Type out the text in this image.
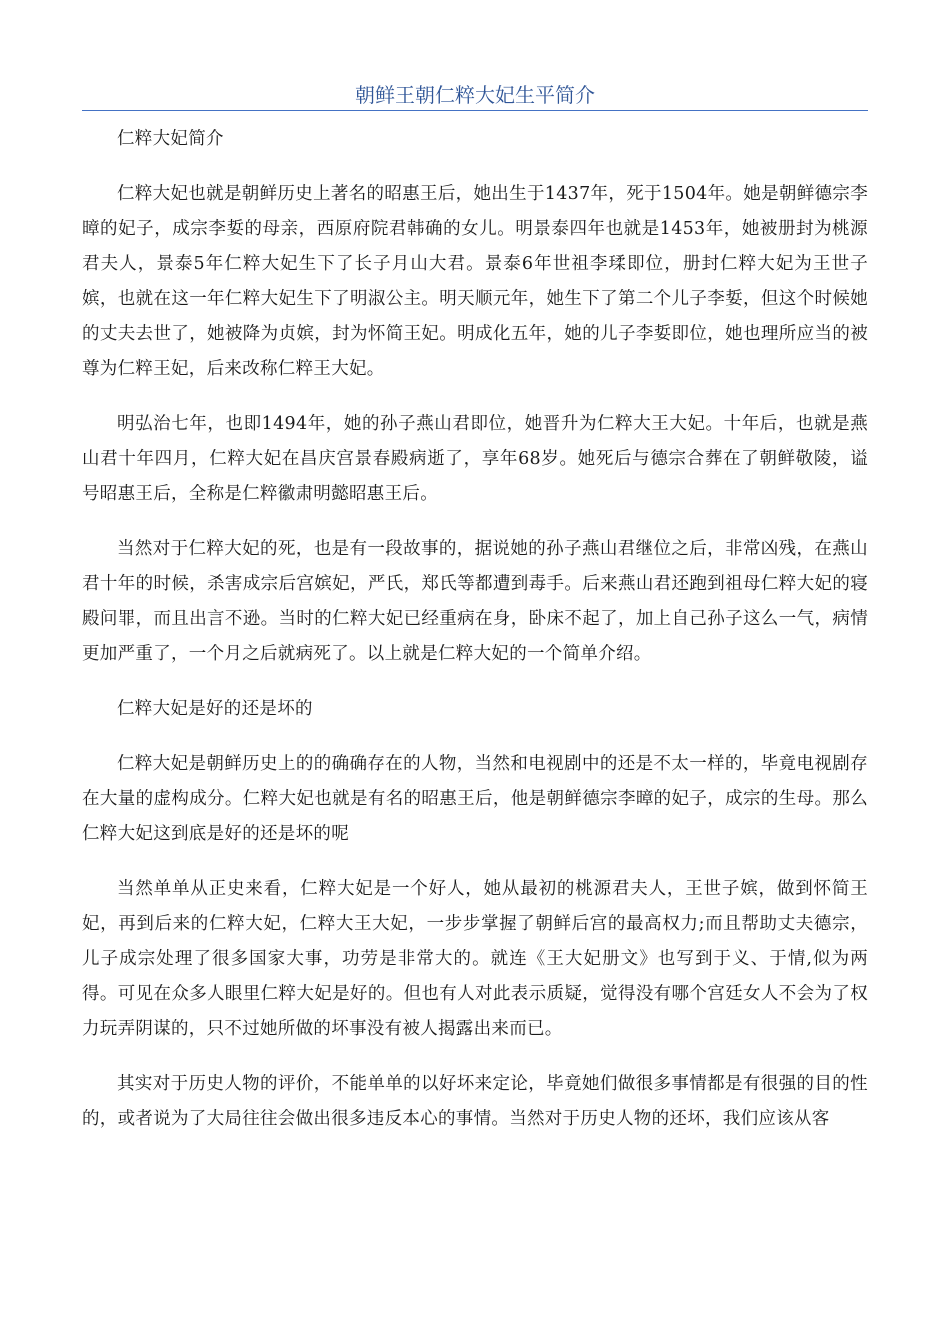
朝鲜王朝仁粹大妃生平简介

仁粹大妃简介

仁粹大妃也就是朝鲜历史上著名的昭惠王后，她出生于1437年，死于1504年。她是朝鲜德宗李暲的妃子，成宗李娎的母亲，西原府院君韩确的女儿。明景泰四年也就是1453年，她被册封为桃源君夫人，景泰5年仁粹大妃生下了长子月山大君。景泰6年世祖李瑈即位，册封仁粹大妃为王世子嫔，也就在这一年仁粹大妃生下了明淑公主。明天顺元年，她生下了第二个儿子李娎，但这个时候她的丈夫去世了，她被降为贞嫔，封为怀简王妃。明成化五年，她的儿子李娎即位，她也理所应当的被尊为仁粹王妃，后来改称仁粹王大妃。

明弘治七年，也即1494年，她的孙子燕山君即位，她晋升为仁粹大王大妃。十年后，也就是燕山君十年四月，仁粹大妃在昌庆宫景春殿病逝了，享年68岁。她死后与德宗合葬在了朝鲜敬陵，谥号昭惠王后，全称是仁粹徽肃明懿昭惠王后。

当然对于仁粹大妃的死，也是有一段故事的，据说她的孙子燕山君继位之后，非常凶残，在燕山君十年的时候，杀害成宗后宫嫔妃，严氏，郑氏等都遭到毒手。后来燕山君还跑到祖母仁粹大妃的寝殿问罪，而且出言不逊。当时的仁粹大妃已经重病在身，卧床不起了，加上自己孙子这么一气，病情更加严重了，一个月之后就病死了。以上就是仁粹大妃的一个简单介绍。

仁粹大妃是好的还是坏的

仁粹大妃是朝鲜历史上的的确确存在的人物，当然和电视剧中的还是不太一样的，毕竟电视剧存在大量的虚构成分。仁粹大妃也就是有名的昭惠王后，他是朝鲜德宗李暲的妃子，成宗的生母。那么仁粹大妃这到底是好的还是坏的呢

当然单单从正史来看，仁粹大妃是一个好人，她从最初的桃源君夫人，王世子嫔，做到怀简王妃，再到后来的仁粹大妃，仁粹大王大妃，一步步掌握了朝鲜后宫的最高权力;而且帮助丈夫德宗，儿子成宗处理了很多国家大事，功劳是非常大的。就连《王大妃册文》也写到于义、于情,似为两得。可见在众多人眼里仁粹大妃是好的。但也有人对此表示质疑，觉得没有哪个宫廷女人不会为了权力玩弄阴谋的，只不过她所做的坏事没有被人揭露出来而已。

其实对于历史人物的评价，不能单单的以好坏来定论，毕竟她们做很多事情都是有很强的目的性的，或者说为了大局往往会做出很多违反本心的事情。当然对于历史人物的还坏，我们应该从客
